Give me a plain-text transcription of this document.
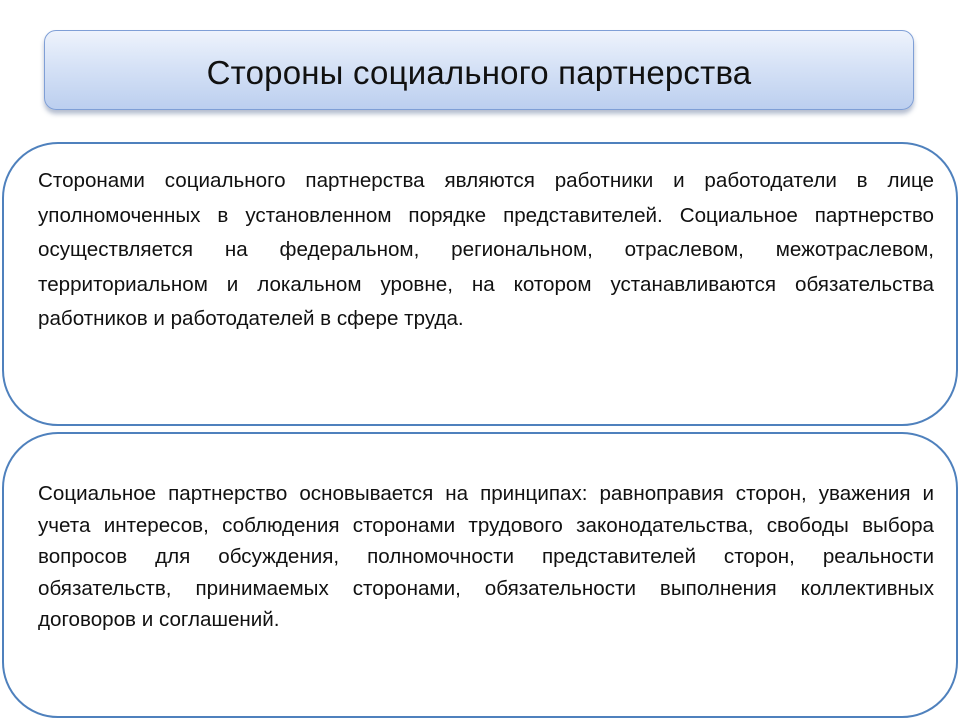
Стороны социального партнерства

Сторонами социального партнерства являются работники и работодатели в лице уполномоченных в установленном порядке представителей. Социальное партнерство осуществляется на федеральном, региональном, отраслевом, межотраслевом, территориальном и локальном уровне, на котором устанавливаются обязательства работников и работодателей в сфере труда.

Социальное партнерство основывается на принципах: равноправия сторон, уважения и учета интересов, соблюдения сторонами трудового законодательства, свободы выбора вопросов для обсуждения, полномочности представителей сторон, реальности обязательств, принимаемых сторонами, обязательности выполнения коллективных договоров и соглашений.
